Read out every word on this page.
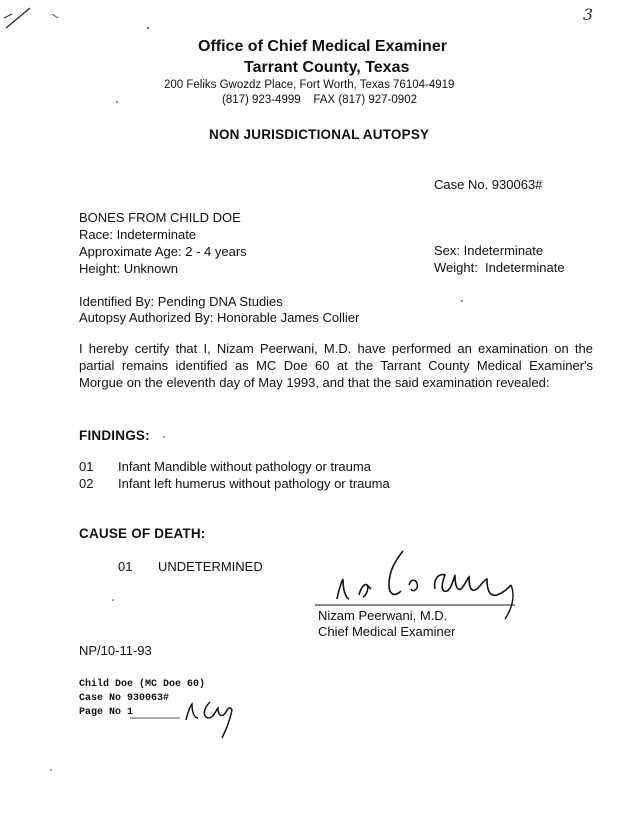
3
Office of Chief Medical Examiner
Tarrant County, Texas
200 Feliks Gwozdz Place, Fort Worth, Texas 76104-4919
(817) 923-4999    FAX (817) 927-0902
NON JURISDICTIONAL AUTOPSY
Case No. 930063#
BONES FROM CHILD DOE
Race: Indeterminate
Approximate Age: 2 - 4 years
Height: Unknown
Sex: Indeterminate
Weight:  Indeterminate
Identified By: Pending DNA Studies
Autopsy Authorized By: Honorable James Collier
I hereby certify that I, Nizam Peerwani, M.D. have performed an examination on the partial remains identified as MC Doe 60 at the Tarrant County Medical Examiner's Morgue on the eleventh day of May 1993, and that the said examination revealed:
FINDINGS:
01 Infant Mandible without pathology or trauma
02 Infant left humerus without pathology or trauma
CAUSE OF DEATH:
01 UNDETERMINED
Nizam Peerwani, M.D.
Chief Medical Examiner
NP/10-11-93
Child Doe (MC Doe 60)
Case No 930063#
Page No 1
